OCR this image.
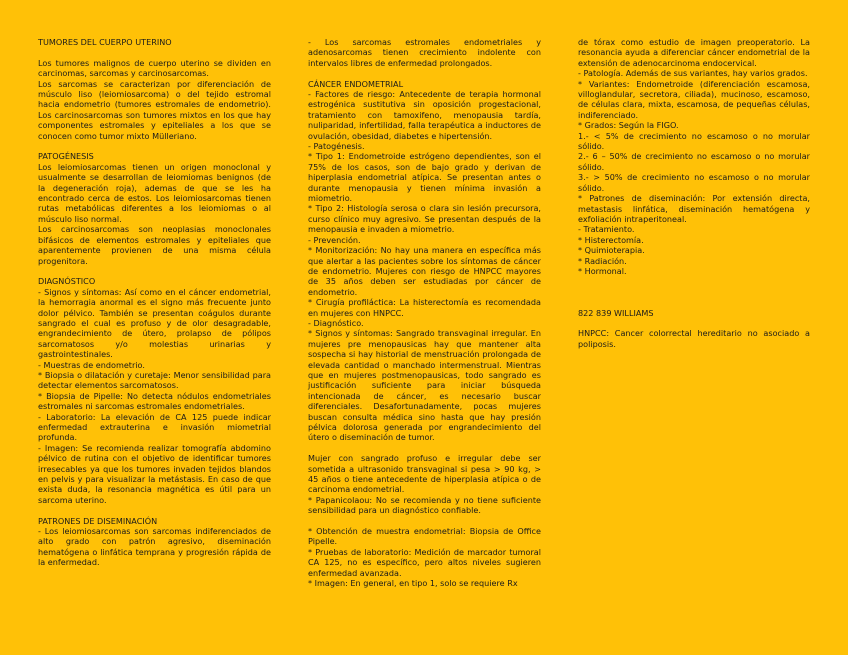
TUMORES DEL CUERPO UTERINO

Los tumores malignos de cuerpo uterino se dividen en carcinomas, sarcomas y carcinosarcomas.

Los sarcomas se caracterizan por diferenciación de músculo liso (leiomiosarcoma) o del tejido estromal hacia endometrio (tumores estromales de endometrio). Los carcinosarcomas son tumores mixtos en los que hay componentes estromales y epiteliales a los que se conocen como tumor mixto Mülleriano.

PATOGÉNESIS

Los leiomiosarcomas tienen un origen monoclonal y usualmente se desarrollan de leiomiomas benignos (de la degeneración roja), ademas de que se les ha encontrado cerca de estos. Los leiomiosarcomas tienen rutas metabólicas diferentes a los leiomiomas o al músculo liso normal.

Los carcinosarcomas son neoplasias monoclonales bifásicos de elementos estromales y epiteliales que aparentemente provienen de una misma célula progenitora.

DIAGNÓSTICO

- Signos y síntomas: Así como en el cáncer endometrial, la hemorragia anormal es el signo más frecuente junto dolor pélvico. También se presentan coágulos durante sangrado el cual es profuso y de olor desagradable, engrandecimiento de útero, prolapso de pólipos sarcomatosos y/o molestias urinarias y gastrointestinales.

- Muestras de endometrio.

* Biopsia o dilatación y curetaje: Menor sensibilidad para detectar elementos sarcomatosos.

* Biopsia de Pipelle: No detecta nódulos endometriales estromales ni sarcomas estromales endometriales.

- Laboratorio: La elevación de CA 125 puede indicar enfermedad extrauterina e invasión miometrial profunda.

- Imagen: Se recomienda realizar tomografía abdomino pélvico de rutina con el objetivo de identificar tumores irresecables ya que los tumores invaden tejidos blandos en pelvis y para visualizar la metástasis. En caso de que exista duda, la resonancia magnética es útil para un sarcoma uterino.

PATRONES DE DISEMINACIÓN

- Los leiomiosarcomas son sarcomas indiferenciados de alto grado con patrón agresivo, diseminación hematógena o linfática temprana y progresión rápida de la enfermedad.

- Los sarcomas estromales endometriales y adenosarcomas tienen crecimiento indolente con intervalos libres de enfermedad prolongados.

CÁNCER ENDOMETRIAL

- Factores de riesgo: Antecedente de terapia hormonal estrogénica sustitutiva sin oposición progestacional, tratamiento con tamoxifeno, menopausia tardía, nuliparidad, infertilidad, falla terapéutica a inductores de ovulación, obesidad, diabetes e hipertensión.

- Patogénesis.

* Tipo 1: Endometroide estrógeno dependientes, son el 75% de los casos, son de bajo grado y derivan de hiperplasia endometrial atípica. Se presentan antes o durante menopausia y tienen mínima invasión a miometrio.

* Tipo 2: Histología serosa o clara sin lesión precursora, curso clínico muy agresivo. Se presentan después de la menopausia e invaden a miometrio.

- Prevención.

* Monitorización: No hay una manera en específica más que alertar a las pacientes sobre los síntomas de cáncer de endometrio. Mujeres con riesgo de HNPCC mayores de 35 años deben ser estudiadas por cáncer de endometrio.

* Cirugía profiláctica: La histerectomía es recomendada en mujeres con HNPCC.

- Diagnóstico.

* Signos y síntomas: Sangrado transvaginal irregular. En mujeres pre menopausicas hay que mantener alta sospecha si hay historial de menstruación prolongada de elevada cantidad o manchado intermenstrual. Mientras que en mujeres postmenopausicas, todo sangrado es justificación suficiente para iniciar búsqueda intencionada de cáncer, es necesario buscar diferenciales. Desafortunadamente, pocas mujeres buscan consulta médica sino hasta que hay presión pélvica dolorosa generada por engrandecimiento del útero o diseminación de tumor.

Mujer con sangrado profuso e irregular debe ser sometida a ultrasonido transvaginal si pesa > 90 kg, > 45 años o tiene antecedente de hiperplasia atípica o de carcinoma endometrial.

* Papanicolaou: No se recomienda y no tiene suficiente sensibilidad para un diagnóstico confiable.

* Obtención de muestra endometrial: Biopsia de Office Pipelle.

* Pruebas de laboratorio: Medición de marcador tumoral CA 125, no es específico, pero altos niveles sugieren enfermedad avanzada.

* Imagen: En general, en tipo 1, solo se requiere Rx

de tórax como estudio de imagen preoperatorio. La resonancia ayuda a diferenciar cáncer endometrial de la extensión de adenocarcinoma endocervical.

- Patología. Además de sus variantes, hay varios grados.

* Variantes: Endometroide (diferenciación escamosa, villoglandular, secretora, ciliada), mucinoso, escamoso, de células clara, mixta, escamosa, de pequeñas células, indiferenciado.

* Grados: Según la FIGO.

1.- < 5% de crecimiento no escamoso o no morular sólido.

2.- 6 – 50% de crecimiento no escamoso o no morular sólido.

3.- > 50% de crecimiento no escamoso o no morular sólido.

* Patrones de diseminación: Por extensión directa, metastasis linfática, diseminación hematógena y exfoliación intraperitoneal.

- Tratamiento.

* Histerectomía.

* Quimioterapia.

* Radiación.

* Hormonal.

822 839 WILLIAMS

HNPCC: Cancer colorrectal hereditario no asociado a poliposis.
